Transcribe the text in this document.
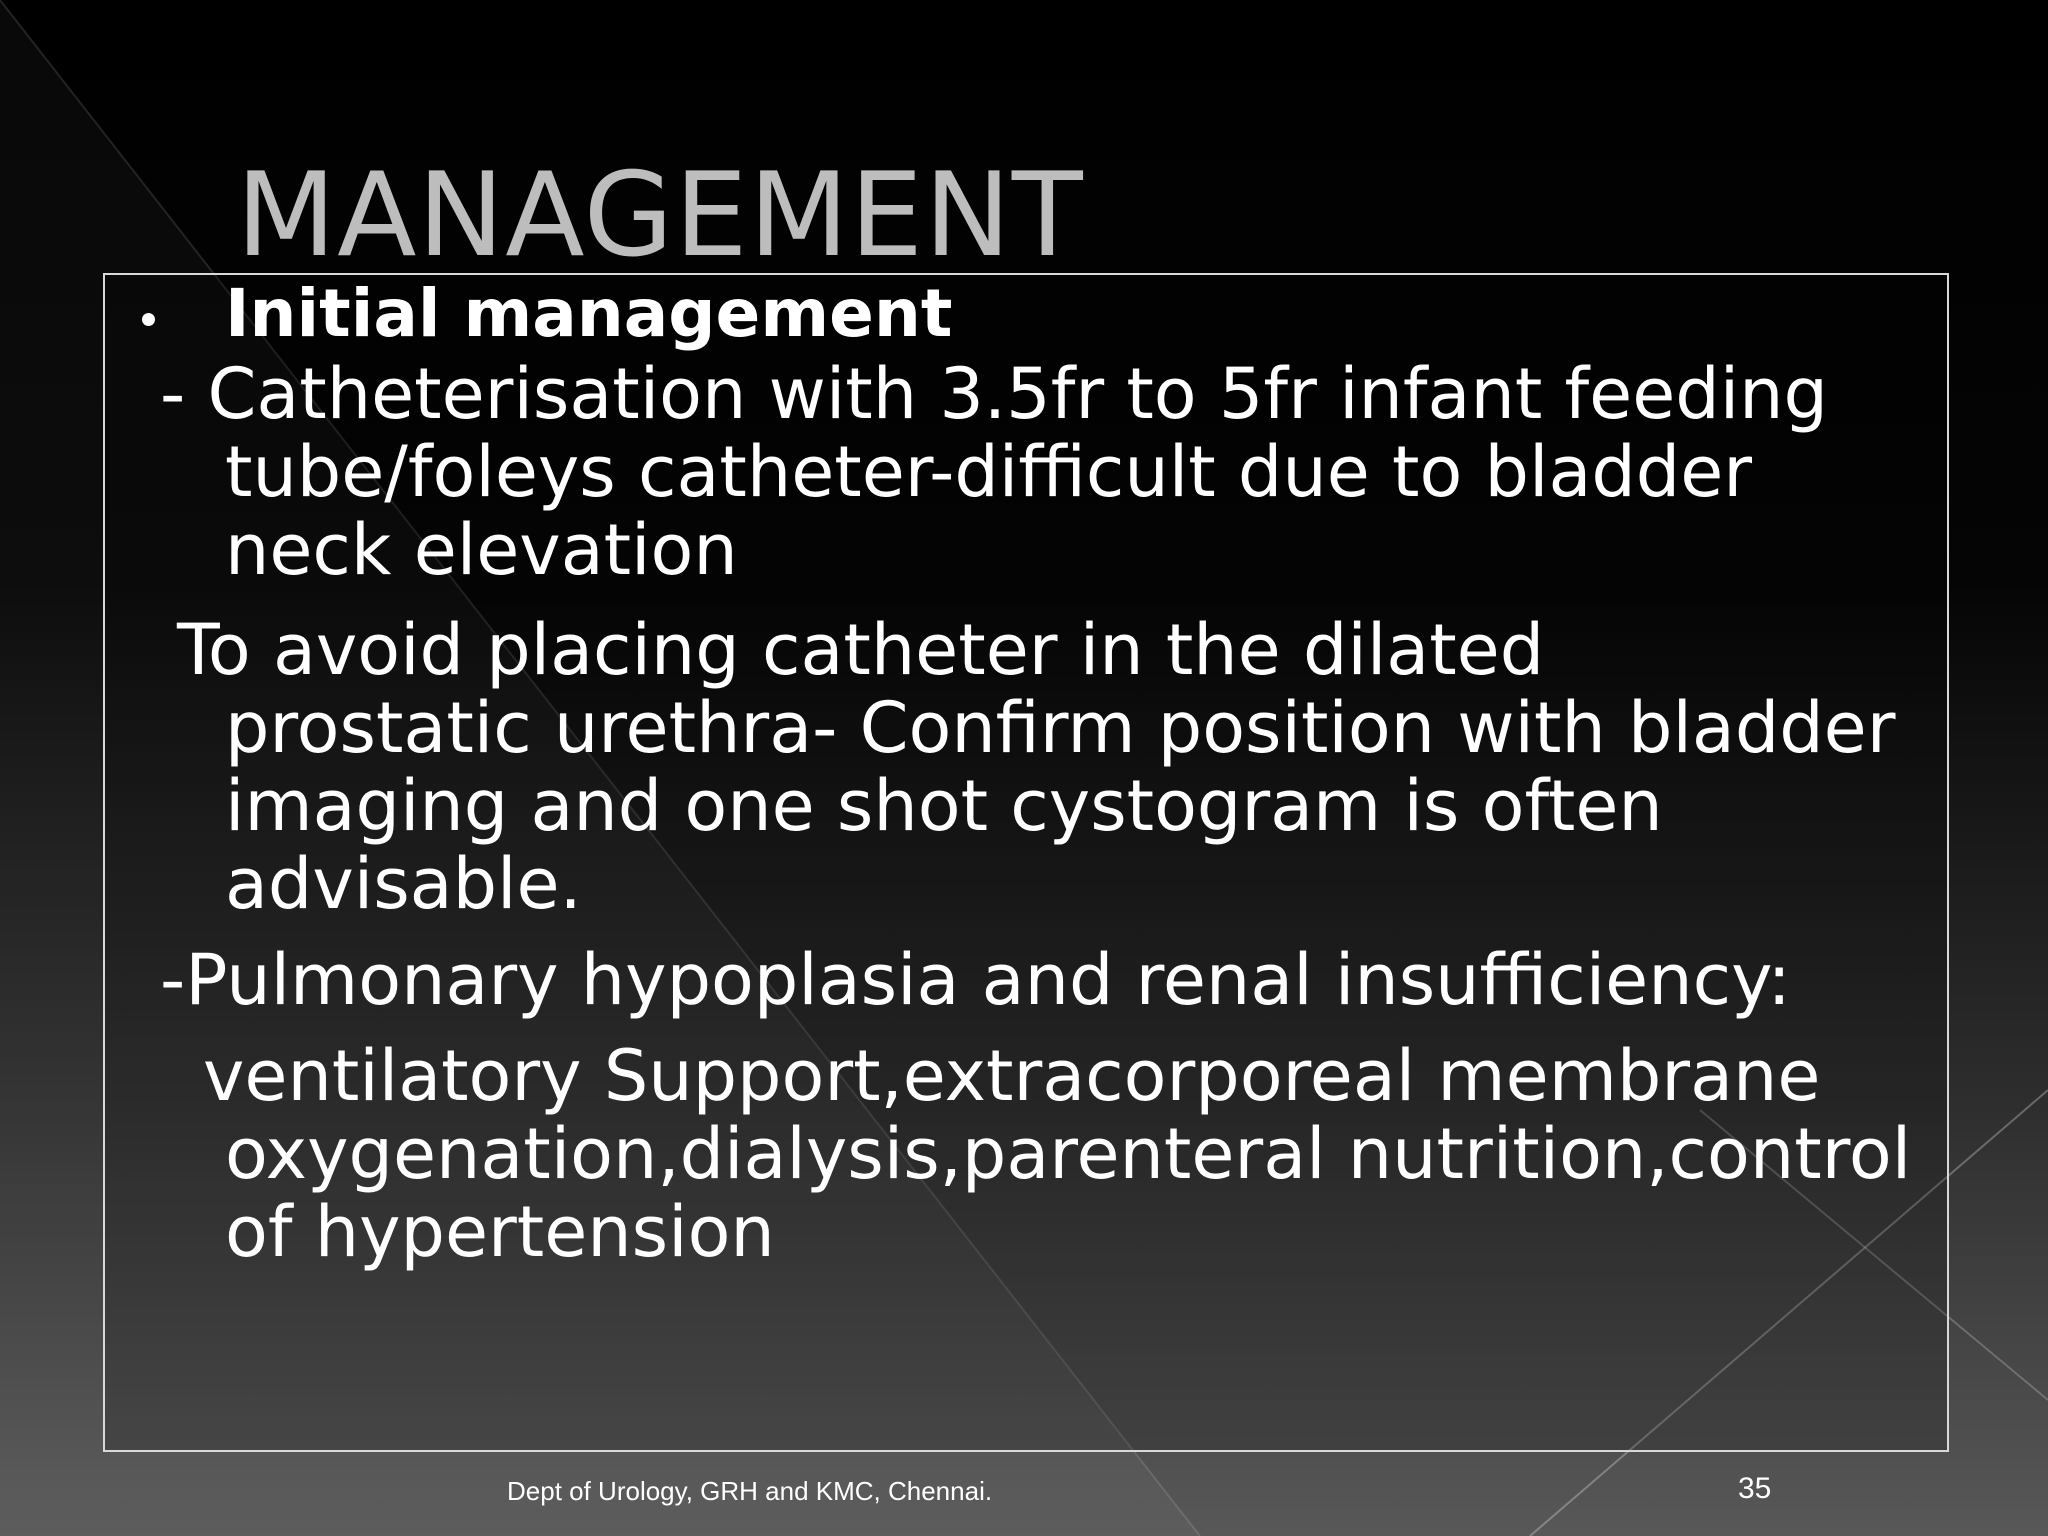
MANAGEMENT
Initial management
- Catheterisation with 3.5fr to 5fr infant feeding
tube/foleys catheter-difficult due to bladder
neck elevation
To avoid placing catheter in the dilated
prostatic urethra- Confirm position with bladder
imaging and one shot cystogram is often
advisable.
-Pulmonary hypoplasia and renal insufficiency:
ventilatory Support,extracorporeal membrane
oxygenation,dialysis,parenteral nutrition,control
of hypertension
Dept of Urology, GRH and KMC, Chennai.	35
